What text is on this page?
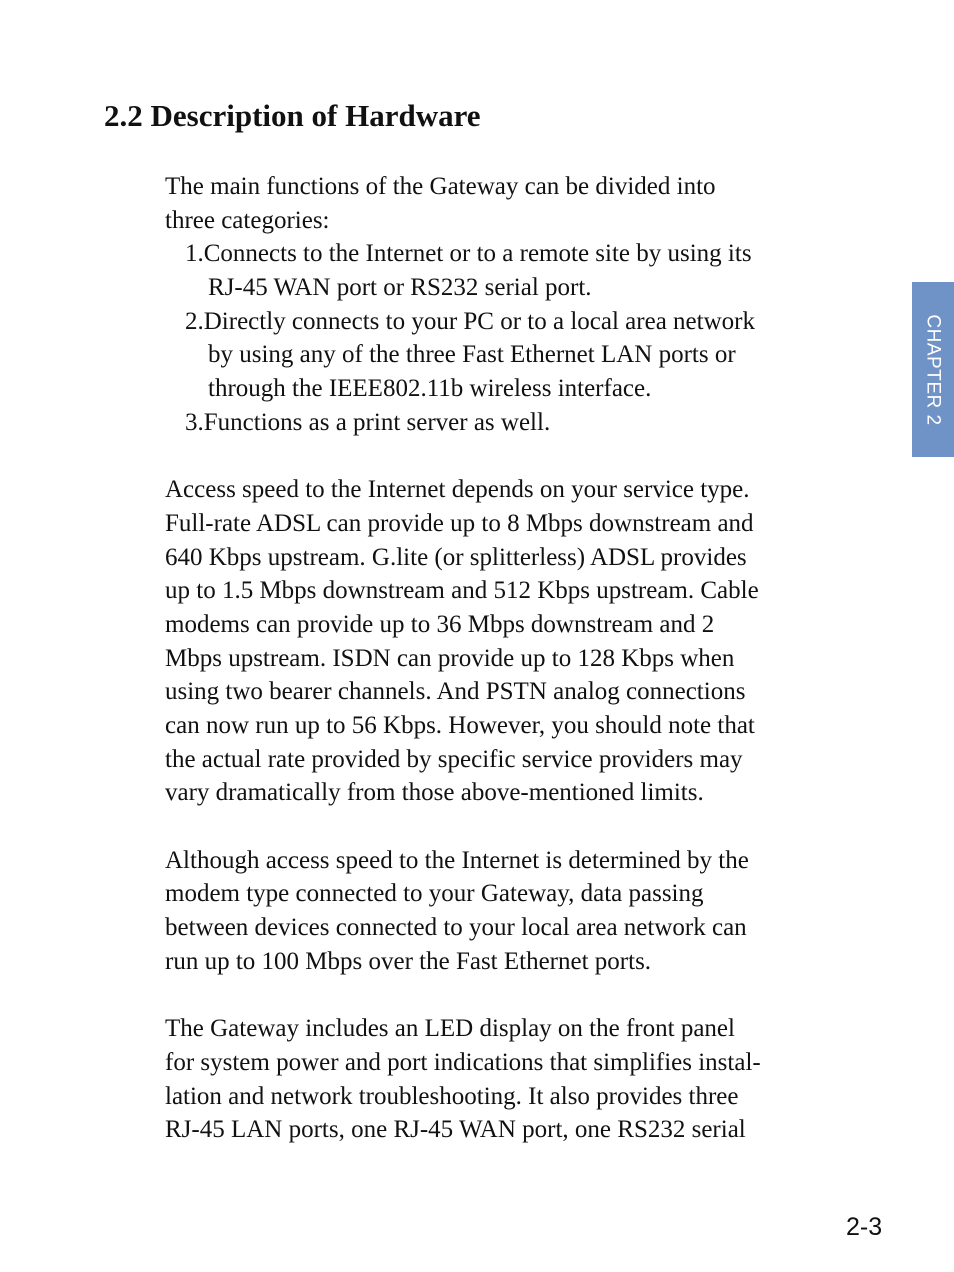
2.2 Description of Hardware

The main functions of the Gateway can be divided into

three categories:

1.Connects to the Internet or to a remote site by using its

RJ-45 WAN port or RS232 serial port.

2.Directly connects to your PC or to a local area network

by using any of the three Fast Ethernet LAN ports or

through the IEEE802.11b wireless interface.

3.Functions as a print server as well.

Access speed to the Internet depends on your service type.

Full-rate ADSL can provide up to 8 Mbps downstream and

640 Kbps upstream. G.lite (or splitterless) ADSL provides

up to 1.5 Mbps downstream and 512 Kbps upstream. Cable

modems can provide up to 36 Mbps downstream and 2

Mbps upstream. ISDN can provide up to 128 Kbps when

using two bearer channels. And PSTN analog connections

can now run up to 56 Kbps. However, you should note that

the actual rate provided by specific service providers may

vary dramatically from those above-mentioned limits.

Although access speed to the Internet is determined by the

modem type connected to your Gateway, data passing

between devices connected to your local area network can

run up to 100 Mbps over the Fast Ethernet ports.

The Gateway includes an LED display on the front panel

for system power and port indications that simplifies instal-

lation and network troubleshooting. It also provides three

RJ-45 LAN ports, one RJ-45 WAN port, one RS232 serial

CHAPTER 2
2-3
